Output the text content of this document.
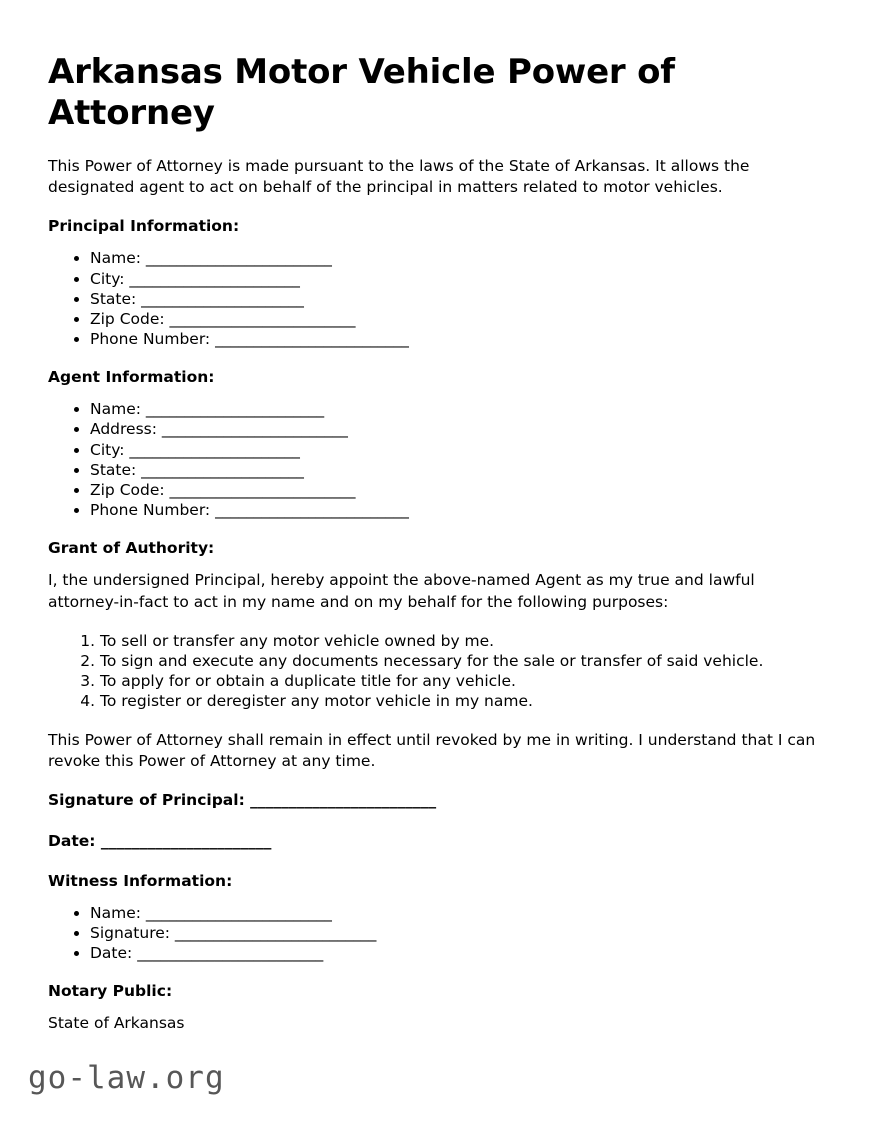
Arkansas Motor Vehicle Power of Attorney

This Power of Attorney is made pursuant to the laws of the State of Arkansas. It allows the designated agent to act on behalf of the principal in matters related to motor vehicles.

Principal Information:
• Name: ________________________
• City: ______________________
• State: _____________________
• Zip Code: ________________________
• Phone Number: _________________________
Agent Information:
• Name: _______________________
• Address: ________________________
• City: ______________________
• State: _____________________
• Zip Code: ________________________
• Phone Number: _________________________
Grant of Authority:

I, the undersigned Principal, hereby appoint the above-named Agent as my true and lawful attorney-in-fact to act in my name and on my behalf for the following purposes:

1. To sell or transfer any motor vehicle owned by me.
2. To sign and execute any documents necessary for the sale or transfer of said vehicle.
3. To apply for or obtain a duplicate title for any vehicle.
4. To register or deregister any motor vehicle in my name.

This Power of Attorney shall remain in effect until revoked by me in writing. I understand that I can revoke this Power of Attorney at any time.

Signature of Principal: ________________________
Date: ______________________
Witness Information:
• Name: ________________________
• Signature: __________________________
• Date: ________________________
Notary Public:

State of Arkansas

go-law.org
